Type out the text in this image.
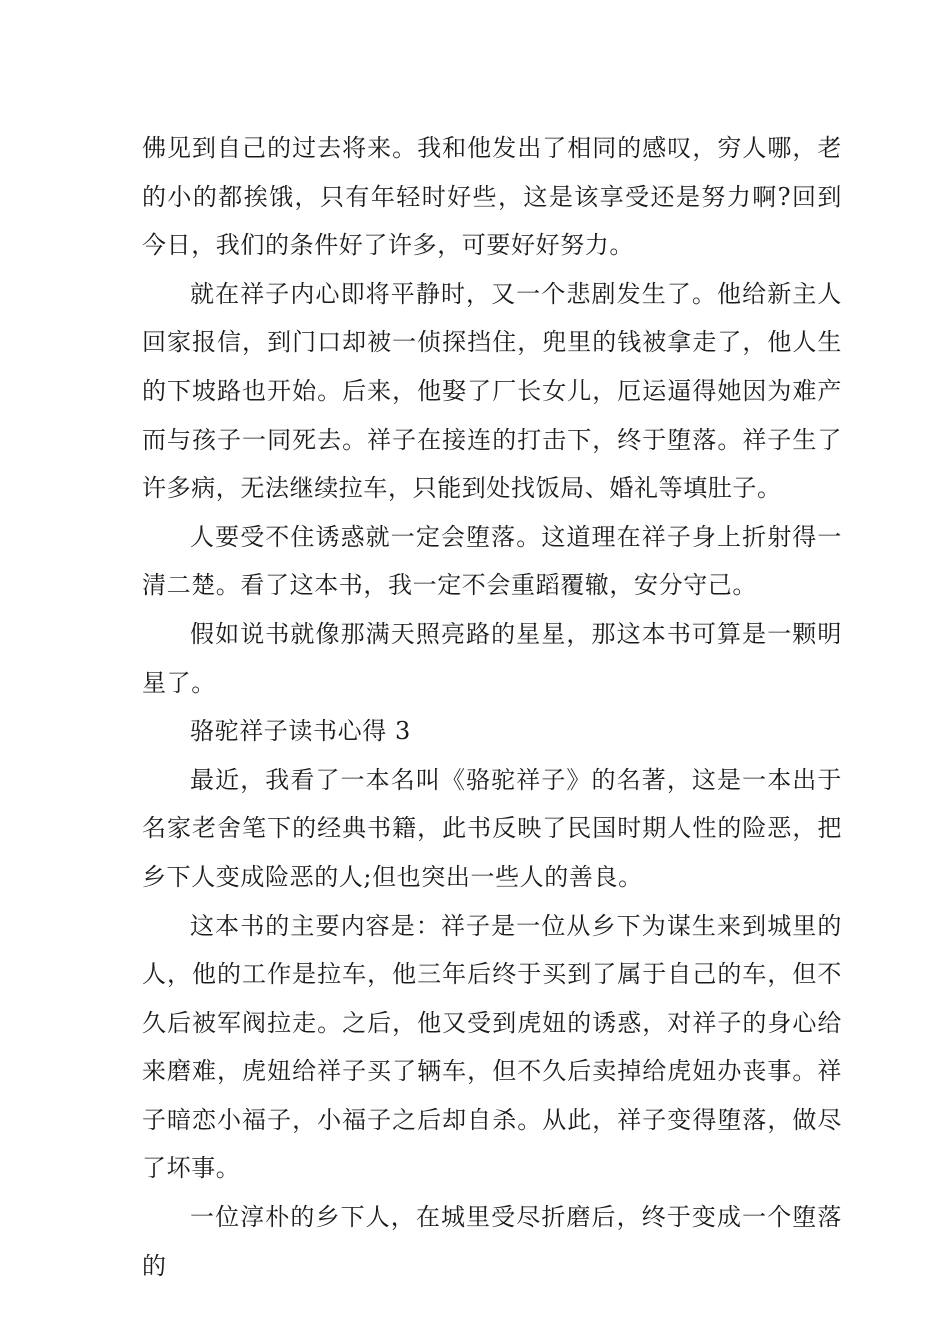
佛见到自己的过去将来。我和他发出了相同的感叹，穷人哪，老的小的都挨饿，只有年轻时好些，这是该享受还是努力啊?回到今日，我们的条件好了许多，可要好好努力。

就在祥子内心即将平静时，又一个悲剧发生了。他给新主人回家报信，到门口却被一侦探挡住，兜里的钱被拿走了，他人生的下坡路也开始。后来，他娶了厂长女儿，厄运逼得她因为难产而与孩子一同死去。祥子在接连的打击下，终于堕落。祥子生了许多病，无法继续拉车，只能到处找饭局、婚礼等填肚子。

人要受不住诱惑就一定会堕落。这道理在祥子身上折射得一清二楚。看了这本书，我一定不会重蹈覆辙，安分守己。

假如说书就像那满天照亮路的星星，那这本书可算是一颗明星了。

骆驼祥子读书心得 3

最近，我看了一本名叫《骆驼祥子》的名著，这是一本出于名家老舍笔下的经典书籍，此书反映了民国时期人性的险恶，把乡下人变成险恶的人;但也突出一些人的善良。

这本书的主要内容是：祥子是一位从乡下为谋生来到城里的人，他的工作是拉车，他三年后终于买到了属于自己的车，但不久后被军阀拉走。之后，他又受到虎妞的诱惑，对祥子的身心给来磨难，虎妞给祥子买了辆车，但不久后卖掉给虎妞办丧事。祥子暗恋小福子，小福子之后却自杀。从此，祥子变得堕落，做尽了坏事。

一位淳朴的乡下人，在城里受尽折磨后，终于变成一个堕落的
